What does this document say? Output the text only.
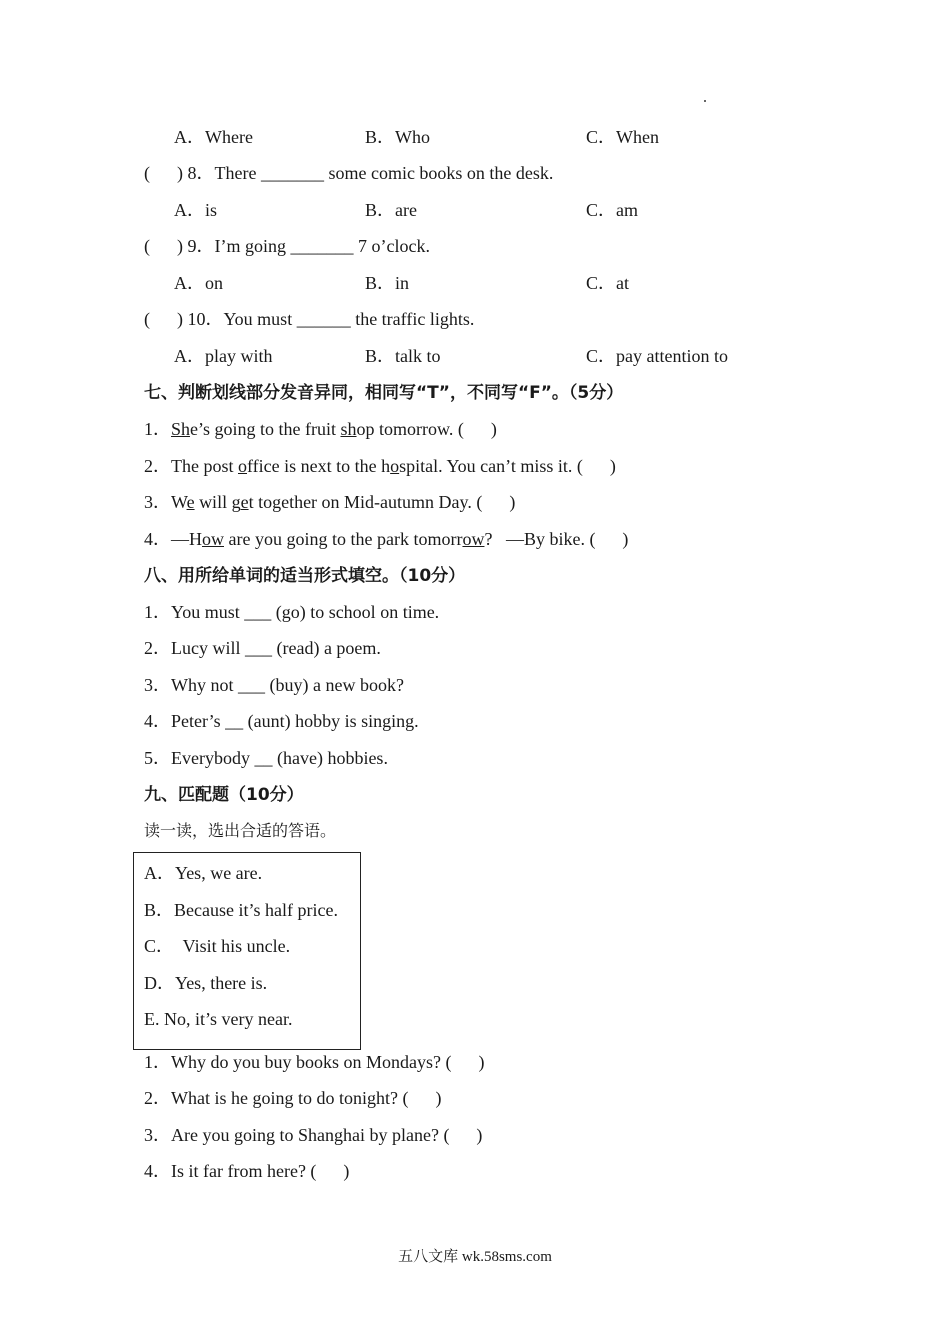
A．Where	B．Who	C．When
(      ) 8．There _______ some comic books on the desk.
A．is	B．are	C．am
(      ) 9．I’m going _______ 7 o’clock.
A．on	B．in	C．at
(      ) 10．You must ______ the traffic lights.
A．play with	B．talk to	C．pay attention to
七、判断划线部分发音异同，相同写“T”，不同写“F”。（5分）
1．She’s going to the fruit shop tomorrow. (      )
2．The post office is next to the hospital. You can’t miss it. (      )
3．We will get together on Mid-autumn Day. (      )
4．—How are you going to the park tomorrow?   —By bike. (      )
八、用所给单词的适当形式填空。（10分）
1．You must ___ (go) to school on time.
2．Lucy will ___ (read) a poem.
3．Why not ___ (buy) a new book?
4．Peter’s __ (aunt) hobby is singing.
5．Everybody __ (have) hobbies.
九、匹配题（10分）
读一读，选出合适的答语。
A．Yes, we are.
B．Because it’s half price.
C．  Visit his uncle.
D．Yes, there is.
E. No, it’s very near.
1．Why do you buy books on Mondays? (      )
2．What is he going to do tonight? (      )
3．Are you going to Shanghai by plane? (      )
4．Is it far from here? (      )
五八文库 wk.58sms.com
